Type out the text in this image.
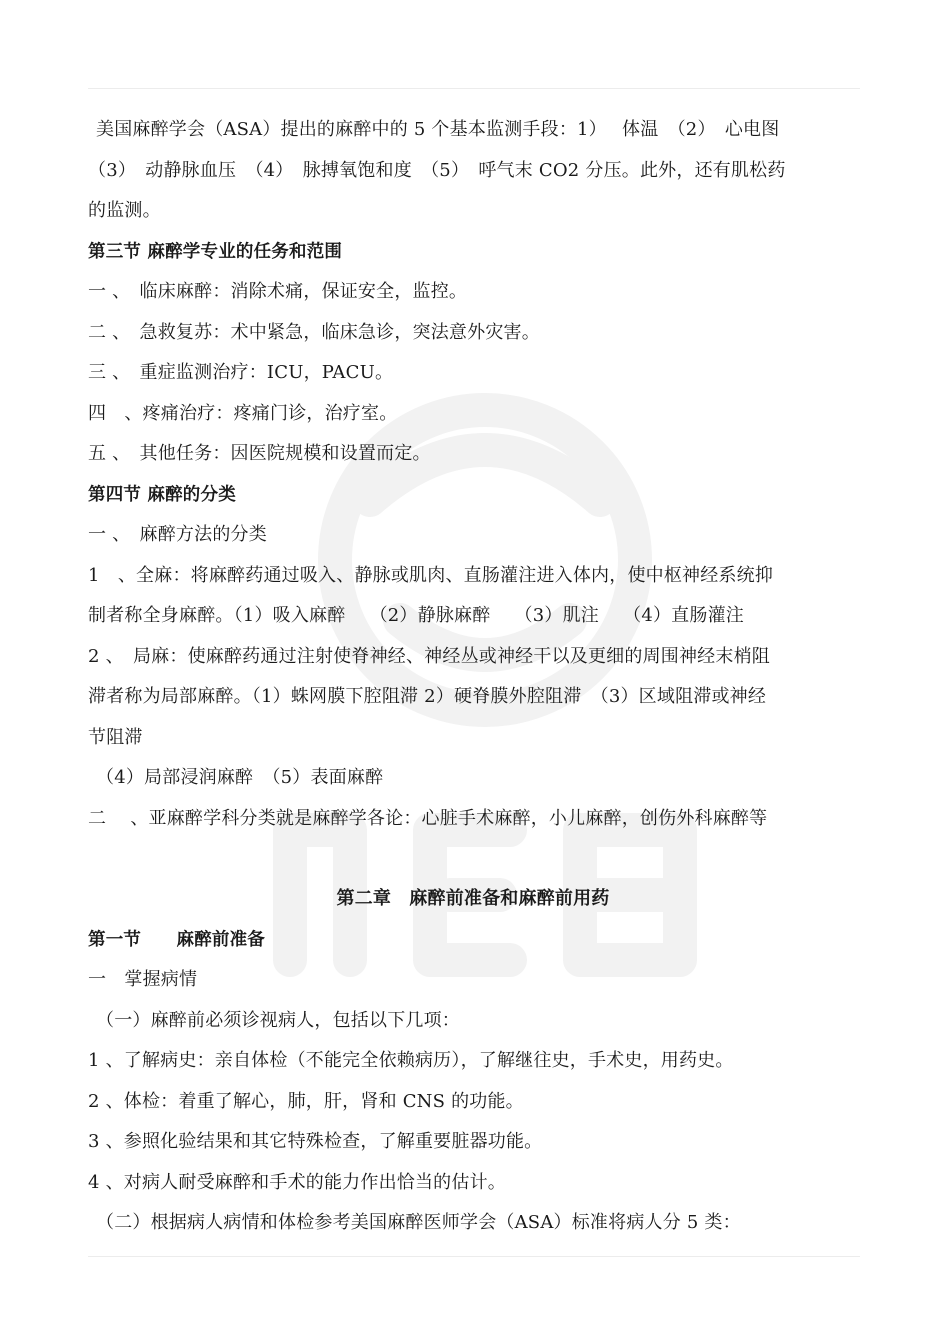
美国麻醉学会（ASA）提出的麻醉中的 5 个基本监测手段：1）　 体温　（2）　心电图
（3）　动静脉血压　（4）　脉搏氧饱和度　（5）　呼气末 CO2 分压。此外，还有肌松药
的监测。
第三节 麻醉学专业的任务和范围
一 、　临床麻醉：消除术痛，保证安全，监控。
二 、　急救复苏：术中紧急，临床急诊，突法意外灾害。
三 、　重症监测治疗：ICU，PACU。
四　、疼痛治疗：疼痛门诊，治疗室。
五 、　其他任务：因医院规模和设置而定。
第四节 麻醉的分类
一 、　麻醉方法的分类
1　、全麻：将麻醉药通过吸入、静脉或肌肉、直肠灌注进入体内，使中枢神经系统抑
制者称全身麻醉。（1）吸入麻醉　 （2）静脉麻醉　 （3）肌注　 （4）直肠灌注
2 、　局麻：使麻醉药通过注射使脊神经、神经丛或神经干以及更细的周围神经末梢阻
滞者称为局部麻醉。（1）蛛网膜下腔阻滞 2）硬脊膜外腔阻滞　（3）区域阻滞或神经
节阻滞
（4）局部浸润麻醉　（5）表面麻醉
二　 、亚麻醉学科分类就是麻醉学各论：心脏手术麻醉，小儿麻醉，创伤外科麻醉等
第二章　麻醉前准备和麻醉前用药
第一节　　麻醉前准备
一　掌握病情
（一）麻醉前必须诊视病人，包括以下几项：
1 、了解病史：亲自体检（不能完全依赖病历），了解继往史，手术史，用药史。
2 、体检：着重了解心，肺，肝，肾和 CNS 的功能。
3 、参照化验结果和其它特殊检查，了解重要脏器功能。
4 、对病人耐受麻醉和手术的能力作出恰当的估计。
（二）根据病人病情和体检参考美国麻醉医师学会（ASA）标准将病人分 5 类：
